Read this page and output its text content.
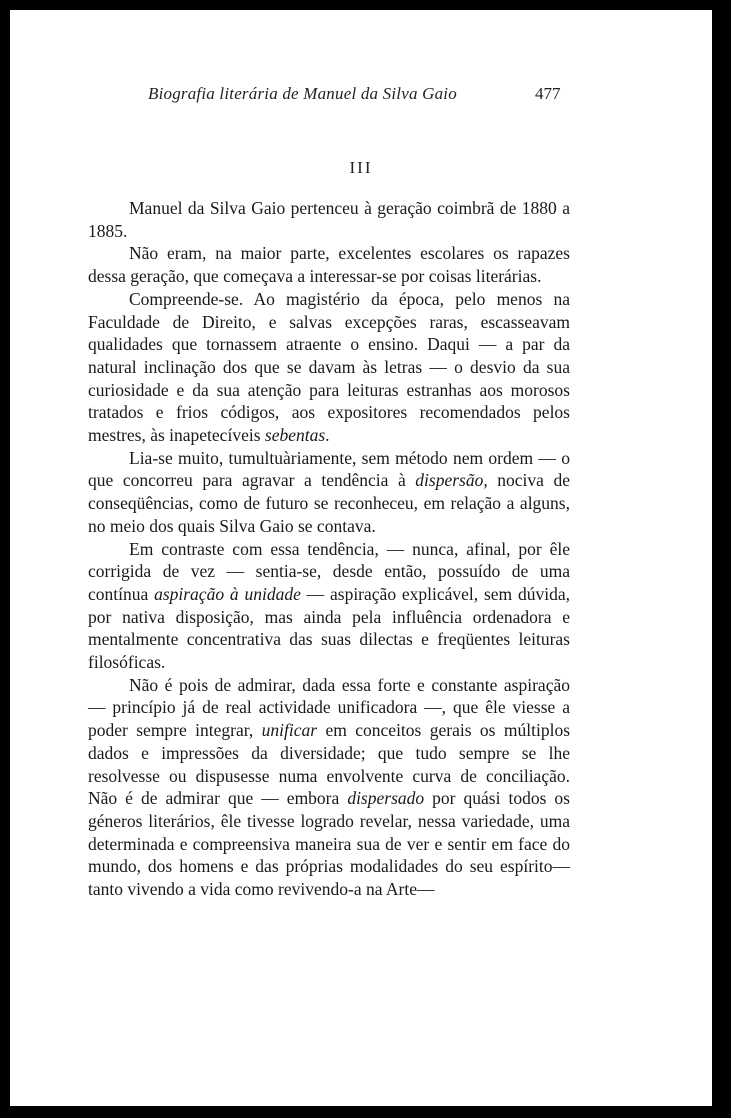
Biografia literária de Manuel da Silva Gaio	477
III

Manuel da Silva Gaio pertenceu à geração coimbrã de 1880 a 1885.

Não eram, na maior parte, excelentes escolares os rapazes dessa geração, que começava a interessar-se por coisas literárias.

Compreende-se. Ao magistério da época, pelo menos na Faculdade de Direito, e salvas excepções raras, escasseavam qualidades que tornassem atraente o ensino. Daqui — a par da natural inclinação dos que se davam às letras — o desvio da sua curiosidade e da sua atenção para leituras estranhas aos morosos tratados e frios códigos, aos expositores recomendados pelos mestres, às inapetecíveis sebentas.

Lia-se muito, tumultuàriamente, sem método nem ordem — o que concorreu para agravar a tendência à dispersão, nociva de conseqüências, como de futuro se reconheceu, em relação a alguns, no meio dos quais Silva Gaio se contava.

Em contraste com essa tendência, — nunca, afinal, por êle corrigida de vez — sentia-se, desde então, possuído de uma contínua aspiração à unidade — aspiração explicável, sem dúvida, por nativa disposição, mas ainda pela influência ordenadora e mentalmente concentrativa das suas dilectas e freqüentes leituras filosóficas.

Não é pois de admirar, dada essa forte e constante aspiração — princípio já de real actividade unificadora —, que êle viesse a poder sempre integrar, unificar em conceitos gerais os múltiplos dados e impressões da diversidade; que tudo sempre se lhe resolvesse ou dispusesse numa envolvente curva de conciliação. Não é de admirar que — embora dispersado por quási todos os géneros literários, êle tivesse logrado revelar, nessa variedade, uma determinada e compreensiva maneira sua de ver e sentir em face do mundo, dos homens e das próprias modalidades do seu espírito—tanto vivendo a vida como revivendo-a na Arte—
